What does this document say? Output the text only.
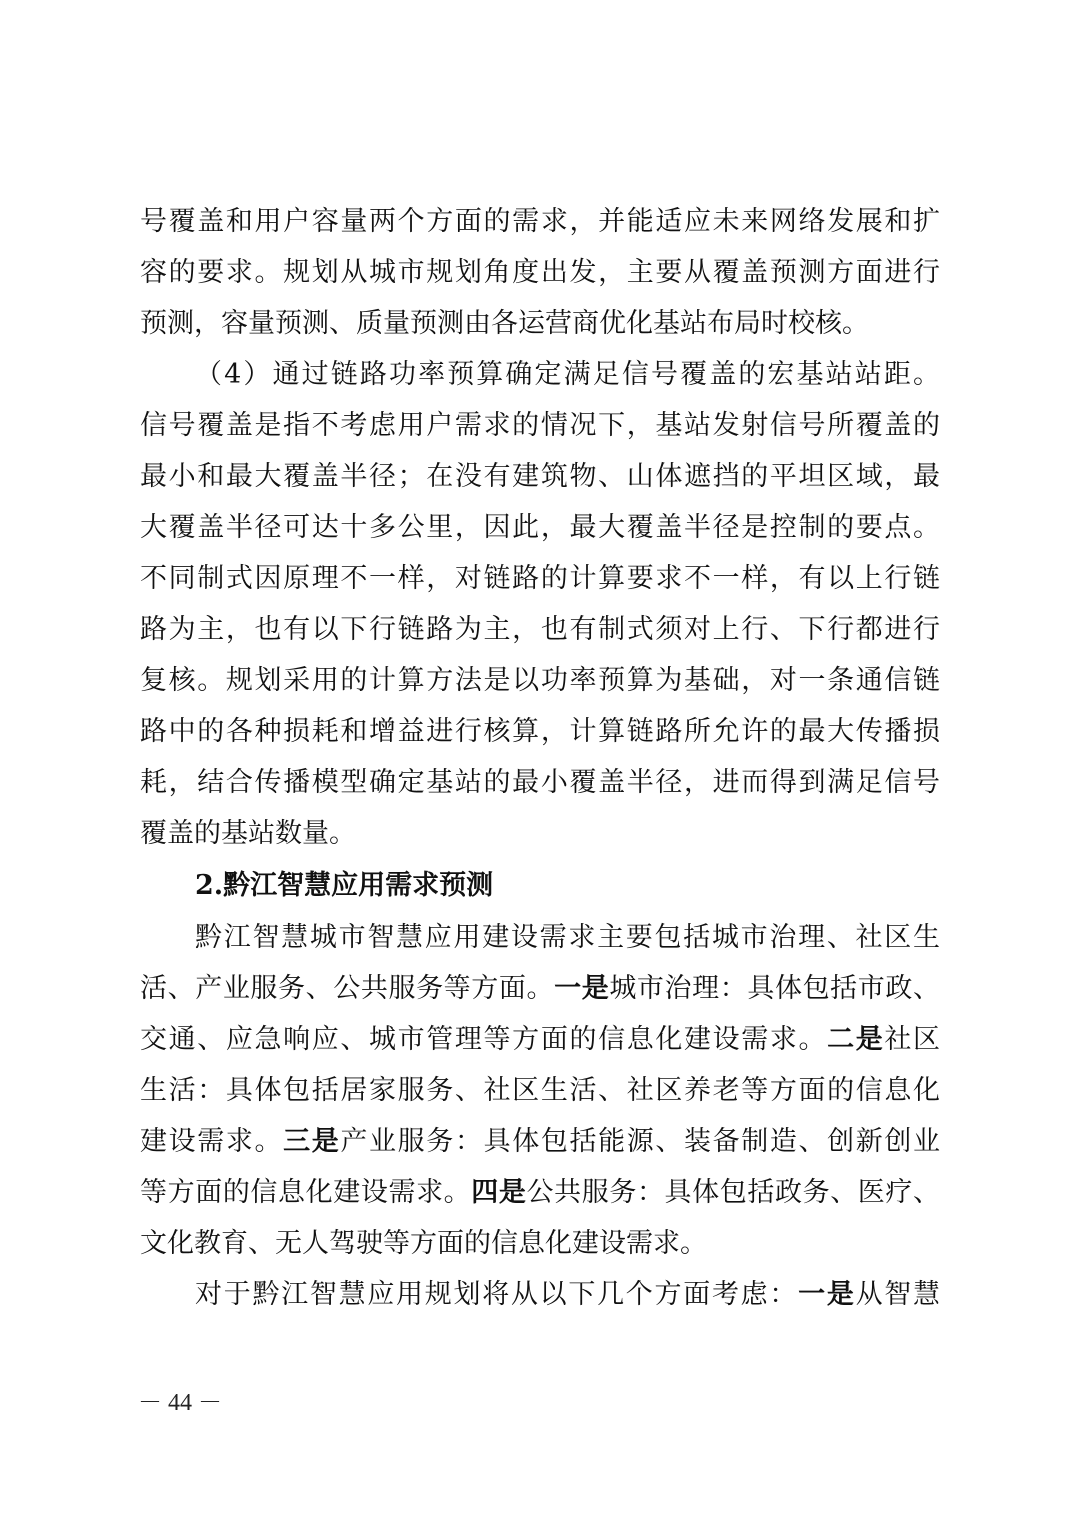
号覆盖和用户容量两个方面的需求，并能适应未来网络发展和扩
容的要求。规划从城市规划角度出发，主要从覆盖预测方面进行
预测，容量预测、质量预测由各运营商优化基站布局时校核。
（4）通过链路功率预算确定满足信号覆盖的宏基站站距。
信号覆盖是指不考虑用户需求的情况下，基站发射信号所覆盖的
最小和最大覆盖半径；在没有建筑物、山体遮挡的平坦区域，最
大覆盖半径可达十多公里，因此，最大覆盖半径是控制的要点。
不同制式因原理不一样，对链路的计算要求不一样，有以上行链
路为主，也有以下行链路为主，也有制式须对上行、下行都进行
复核。规划采用的计算方法是以功率预算为基础，对一条通信链
路中的各种损耗和增益进行核算，计算链路所允许的最大传播损
耗，结合传播模型确定基站的最小覆盖半径，进而得到满足信号
覆盖的基站数量。
2.黔江智慧应用需求预测
黔江智慧城市智慧应用建设需求主要包括城市治理、社区生
活、产业服务、公共服务等方面。一是城市治理：具体包括市政、
交通、应急响应、城市管理等方面的信息化建设需求。二是社区
生活：具体包括居家服务、社区生活、社区养老等方面的信息化
建设需求。三是产业服务：具体包括能源、装备制造、创新创业
等方面的信息化建设需求。四是公共服务：具体包括政务、医疗、
文化教育、无人驾驶等方面的信息化建设需求。
对于黔江智慧应用规划将从以下几个方面考虑：一是从智慧
－ 44 －
